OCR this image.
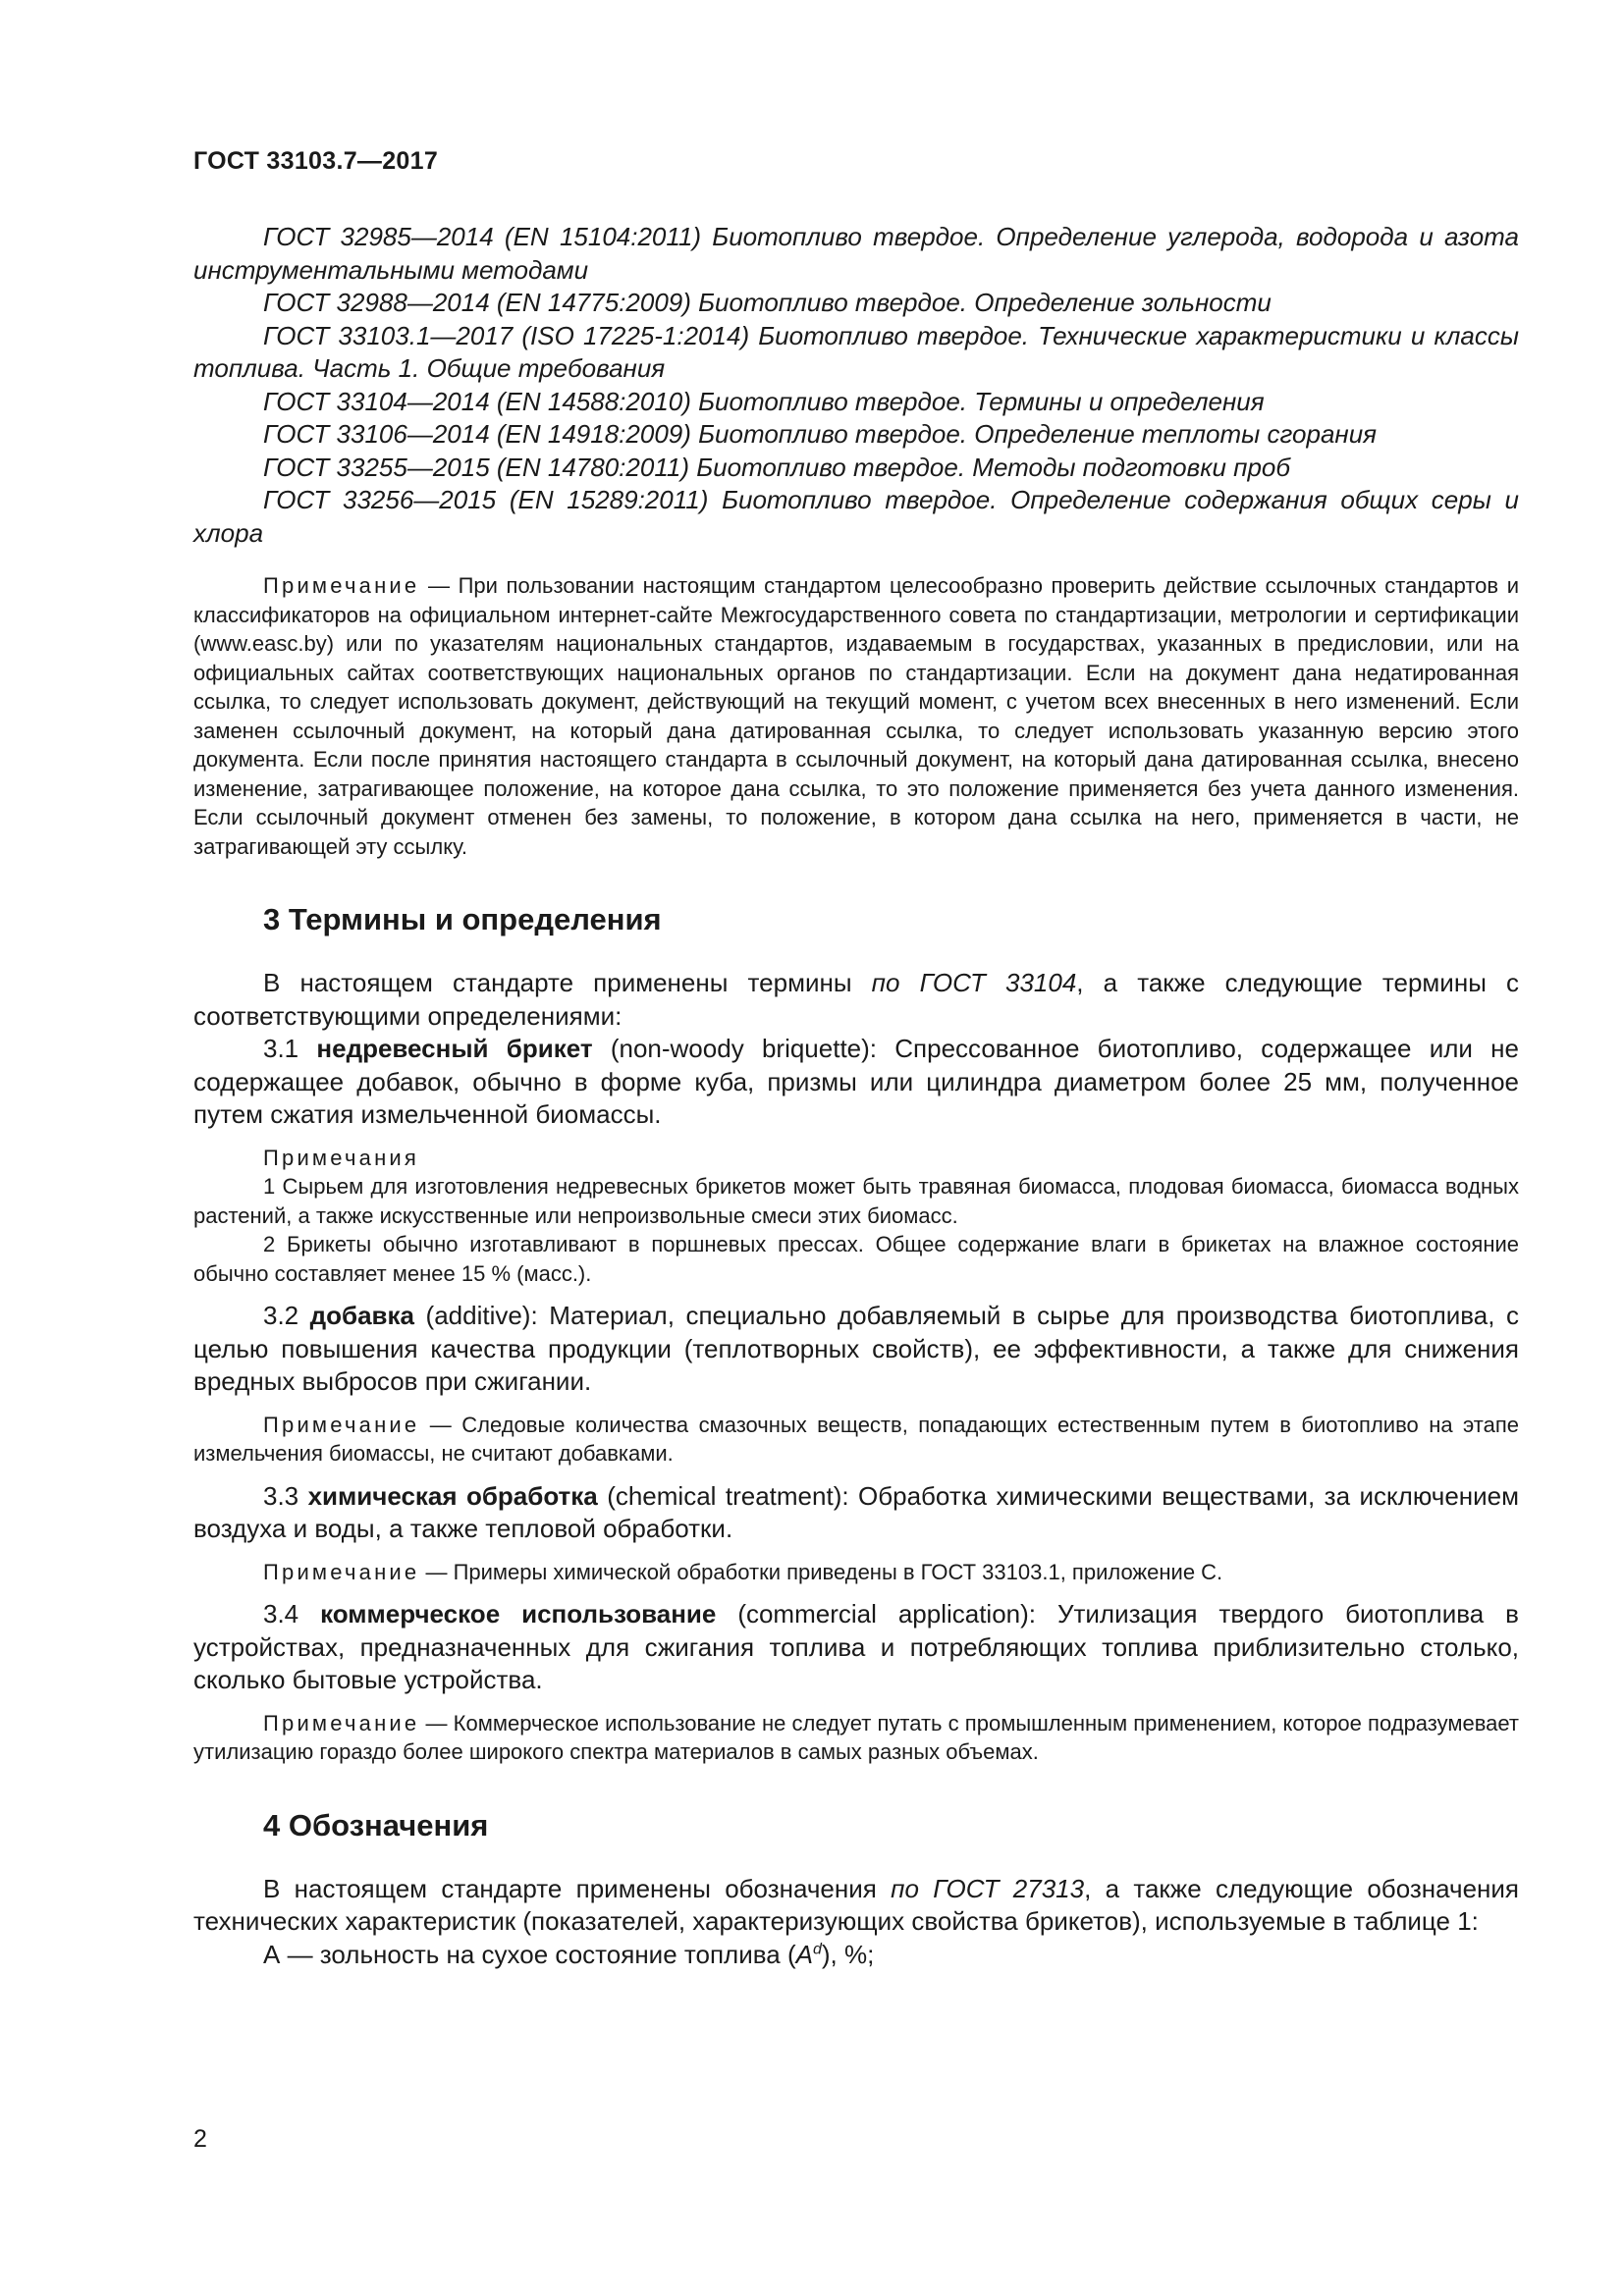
ГОСТ 33103.7—2017

ГОСТ 32985—2014 (EN 15104:2011) Биотопливо твердое. Определение углерода, водорода и азота инструментальными методами

ГОСТ 32988—2014 (EN 14775:2009) Биотопливо твердое. Определение зольности

ГОСТ 33103.1—2017 (ISO 17225-1:2014) Биотопливо твердое. Технические характеристики и классы топлива. Часть 1. Общие требования

ГОСТ 33104—2014 (EN 14588:2010) Биотопливо твердое. Термины и определения

ГОСТ 33106—2014 (EN 14918:2009) Биотопливо твердое. Определение теплоты сгорания

ГОСТ 33255—2015 (EN 14780:2011) Биотопливо твердое. Методы подготовки проб

ГОСТ 33256—2015 (EN 15289:2011) Биотопливо твердое. Определение содержания общих серы и хлора

Примечание — При пользовании настоящим стандартом целесообразно проверить действие ссылочных стандартов и классификаторов на официальном интернет-сайте Межгосударственного совета по стандартизации, метрологии и сертификации (www.easc.by) или по указателям национальных стандартов, издаваемым в государствах, указанных в предисловии, или на официальных сайтах соответствующих национальных органов по стандартизации. Если на документ дана недатированная ссылка, то следует использовать документ, действующий на текущий момент, с учетом всех внесенных в него изменений. Если заменен ссылочный документ, на который дана датированная ссылка, то следует использовать указанную версию этого документа. Если после принятия настоящего стандарта в ссылочный документ, на который дана датированная ссылка, внесено изменение, затрагивающее положение, на которое дана ссылка, то это положение применяется без учета данного изменения. Если ссылочный документ отменен без замены, то положение, в котором дана ссылка на него, применяется в части, не затрагивающей эту ссылку.

3 Термины и определения

В настоящем стандарте применены термины по ГОСТ 33104, а также следующие термины с соответствующими определениями:

3.1 недревесный брикет (non-woody briquette): Спрессованное биотопливо, содержащее или не содержащее добавок, обычно в форме куба, призмы или цилиндра диаметром более 25 мм, полученное путем сжатия измельченной биомассы.

Примечания

1 Сырьем для изготовления недревесных брикетов может быть травяная биомасса, плодовая биомасса, биомасса водных растений, а также искусственные или непроизвольные смеси этих биомасс.

2 Брикеты обычно изготавливают в поршневых прессах. Общее содержание влаги в брикетах на влажное состояние обычно составляет менее 15 % (масс.).

3.2 добавка (additive): Материал, специально добавляемый в сырье для производства биотоплива, с целью повышения качества продукции (теплотворных свойств), ее эффективности, а также для снижения вредных выбросов при сжигании.

Примечание — Следовые количества смазочных веществ, попадающих естественным путем в биотопливо на этапе измельчения биомассы, не считают добавками.

3.3 химическая обработка (chemical treatment): Обработка химическими веществами, за исключением воздуха и воды, а также тепловой обработки.

Примечание — Примеры химической обработки приведены в ГОСТ 33103.1, приложение С.

3.4 коммерческое использование (commercial application): Утилизация твердого биотоплива в устройствах, предназначенных для сжигания топлива и потребляющих топлива приблизительно столько, сколько бытовые устройства.

Примечание — Коммерческое использование не следует путать с промышленным применением, которое подразумевает утилизацию гораздо более широкого спектра материалов в самых разных объемах.

4 Обозначения

В настоящем стандарте применены обозначения по ГОСТ 27313, а также следующие обозначения технических характеристик (показателей, характеризующих свойства брикетов), используемые в таблице 1:

А — зольность на сухое состояние топлива $(A^d)$, %;

2
